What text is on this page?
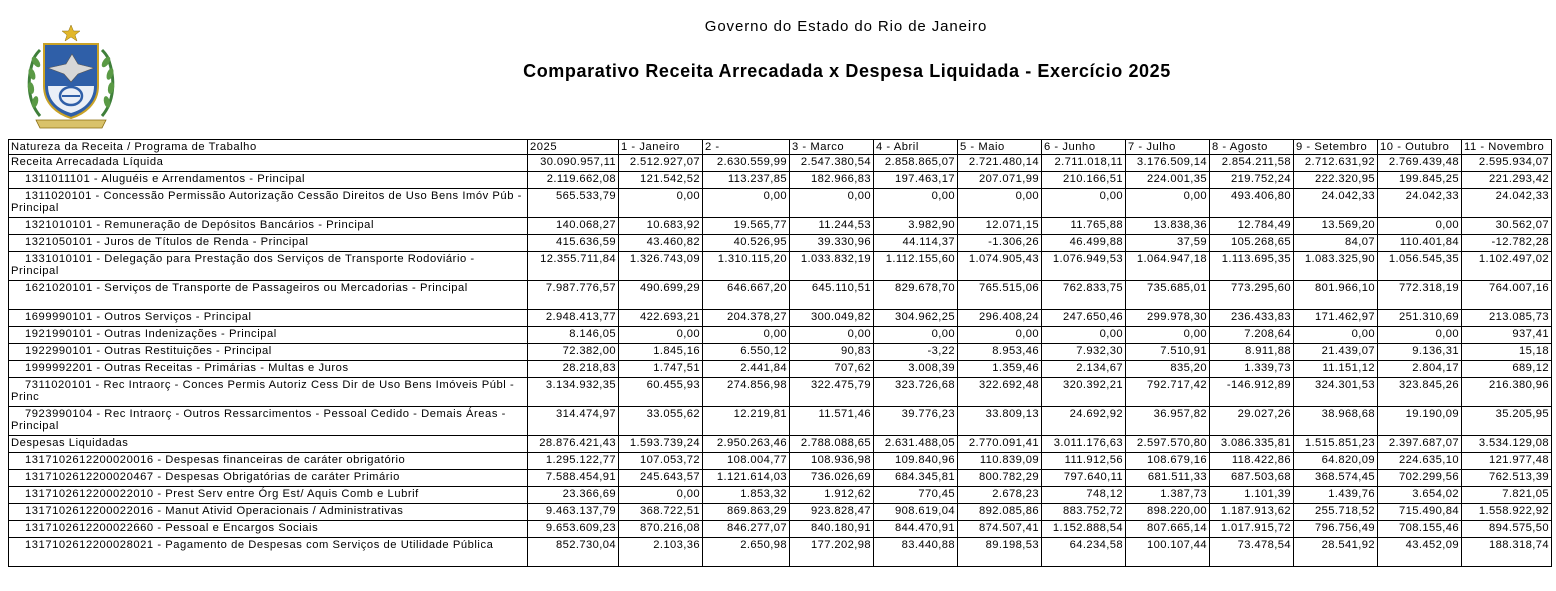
Governo do Estado do Rio de Janeiro
Comparativo Receita Arrecadada x Despesa Liquidada - Exercício 2025
Natureza da Receita / Programa de Trabalho	2025	1 - Janeiro	2 -	3 - Marco	4 - Abril	5 - Maio	6 - Junho	7 - Julho	8 - Agosto	9 - Setembro	10 - Outubro	11 - Novembro
Receita Arrecadada Líquida	30.090.957,11	2.512.927,07	2.630.559,99	2.547.380,54	2.858.865,07	2.721.480,14	2.711.018,11	3.176.509,14	2.854.211,58	2.712.631,92	2.769.439,48	2.595.934,07
1311011101 - Aluguéis e Arrendamentos - Principal	2.119.662,08	121.542,52	113.237,85	182.966,83	197.463,17	207.071,99	210.166,51	224.001,35	219.752,24	222.320,95	199.845,25	221.293,42
1311020101 - Concessão Permissão Autorização Cessão Direitos de Uso Bens Imóv Púb - Principal	565.533,79	0,00	0,00	0,00	0,00	0,00	0,00	0,00	493.406,80	24.042,33	24.042,33	24.042,33
1321010101 - Remuneração de Depósitos Bancários - Principal	140.068,27	10.683,92	19.565,77	11.244,53	3.982,90	12.071,15	11.765,88	13.838,36	12.784,49	13.569,20	0,00	30.562,07
1321050101 - Juros de Títulos de Renda - Principal	415.636,59	43.460,82	40.526,95	39.330,96	44.114,37	-1.306,26	46.499,88	37,59	105.268,65	84,07	110.401,84	-12.782,28
1331010101 - Delegação para Prestação dos Serviços de Transporte Rodoviário - Principal	12.355.711,84	1.326.743,09	1.310.115,20	1.033.832,19	1.112.155,60	1.074.905,43	1.076.949,53	1.064.947,18	1.113.695,35	1.083.325,90	1.056.545,35	1.102.497,02
1621020101 - Serviços de Transporte de Passageiros ou Mercadorias - Principal	7.987.776,57	490.699,29	646.667,20	645.110,51	829.678,70	765.515,06	762.833,75	735.685,01	773.295,60	801.966,10	772.318,19	764.007,16
1699990101 - Outros Serviços - Principal	2.948.413,77	422.693,21	204.378,27	300.049,82	304.962,25	296.408,24	247.650,46	299.978,30	236.433,83	171.462,97	251.310,69	213.085,73
1921990101 - Outras Indenizações - Principal	8.146,05	0,00	0,00	0,00	0,00	0,00	0,00	0,00	7.208,64	0,00	0,00	937,41
1922990101 - Outras Restituições - Principal	72.382,00	1.845,16	6.550,12	90,83	-3,22	8.953,46	7.932,30	7.510,91	8.911,88	21.439,07	9.136,31	15,18
1999992201 - Outras Receitas - Primárias - Multas e Juros	28.218,83	1.747,51	2.441,84	707,62	3.008,39	1.359,46	2.134,67	835,20	1.339,73	11.151,12	2.804,17	689,12
7311020101 - Rec Intraorç - Conces Permis Autoriz Cess Dir de Uso Bens Imóveis Públ - Princ	3.134.932,35	60.455,93	274.856,98	322.475,79	323.726,68	322.692,48	320.392,21	792.717,42	-146.912,89	324.301,53	323.845,26	216.380,96
7923990104 - Rec Intraorç - Outros Ressarcimentos - Pessoal Cedido - Demais Áreas - Principal	314.474,97	33.055,62	12.219,81	11.571,46	39.776,23	33.809,13	24.692,92	36.957,82	29.027,26	38.968,68	19.190,09	35.205,95
Despesas Liquidadas	28.876.421,43	1.593.739,24	2.950.263,46	2.788.088,65	2.631.488,05	2.770.091,41	3.011.176,63	2.597.570,80	3.086.335,81	1.515.851,23	2.397.687,07	3.534.129,08
1317102612200020016 - Despesas financeiras de caráter obrigatório	1.295.122,77	107.053,72	108.004,77	108.936,98	109.840,96	110.839,09	111.912,56	108.679,16	118.422,86	64.820,09	224.635,10	121.977,48
1317102612200020467 - Despesas Obrigatórias de caráter Primário	7.588.454,91	245.643,57	1.121.614,03	736.026,69	684.345,81	800.782,29	797.640,11	681.511,33	687.503,68	368.574,45	702.299,56	762.513,39
1317102612200022010 - Prest Serv entre Órg Est/ Aquis Comb e Lubrif	23.366,69	0,00	1.853,32	1.912,62	770,45	2.678,23	748,12	1.387,73	1.101,39	1.439,76	3.654,02	7.821,05
1317102612200022016 - Manut Ativid Operacionais / Administrativas	9.463.137,79	368.722,51	869.863,29	923.828,47	908.619,04	892.085,86	883.752,72	898.220,00	1.187.913,62	255.718,52	715.490,84	1.558.922,92
1317102612200022660 - Pessoal e Encargos Sociais	9.653.609,23	870.216,08	846.277,07	840.180,91	844.470,91	874.507,41	1.152.888,54	807.665,14	1.017.915,72	796.756,49	708.155,46	894.575,50
1317102612200028021 - Pagamento de Despesas com Serviços de Utilidade Pública	852.730,04	2.103,36	2.650,98	177.202,98	83.440,88	89.198,53	64.234,58	100.107,44	73.478,54	28.541,92	43.452,09	188.318,74
